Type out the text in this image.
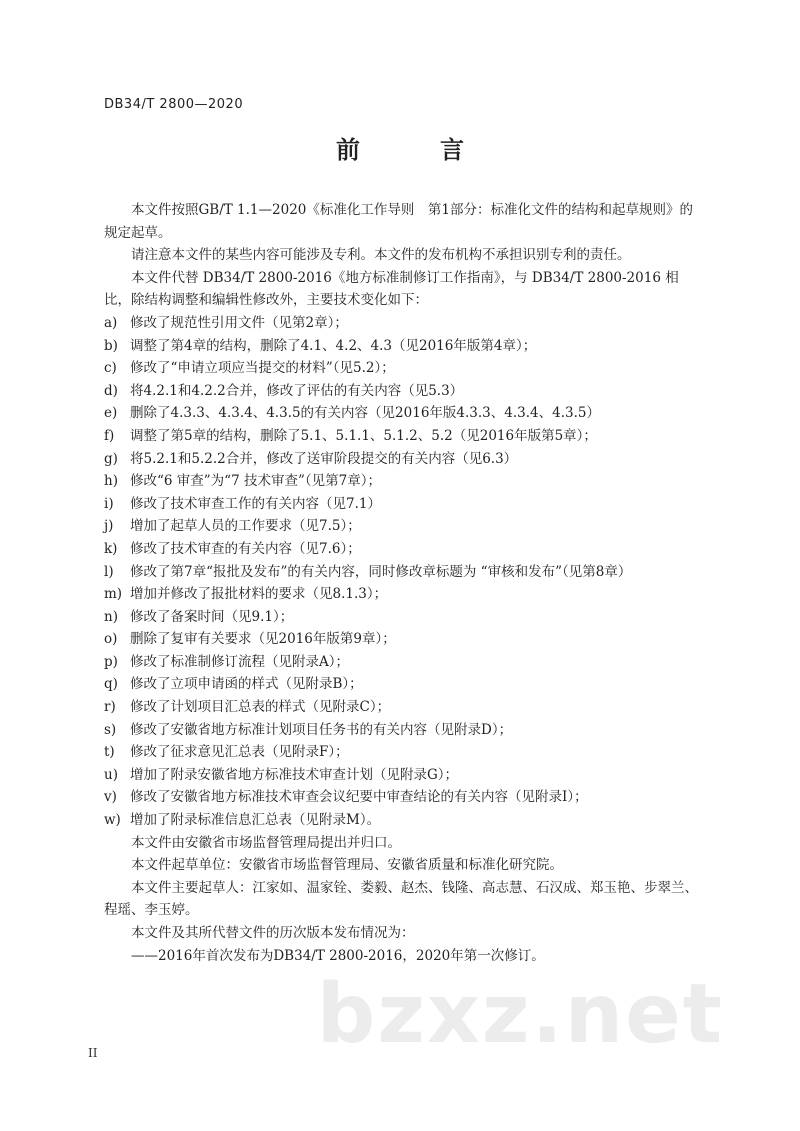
DB34/T 2800—2020
前　言

本文件按照GB/T 1.1—2020《标准化工作导则　第1部分：标准化文件的结构和起草规则》的规定起草。

请注意本文件的某些内容可能涉及专利。本文件的发布机构不承担识别专利的责任。

本文件代替 DB34/T 2800-2016《地方标准制修订工作指南》，与 DB34/T 2800-2016 相比，除结构调整和编辑性修改外，主要技术变化如下：

a) 修改了规范性引用文件（见第2章）；
b) 调整了第4章的结构，删除了4.1、4.2、4.3（见2016年版第4章）；
c) 修改了“申请立项应当提交的材料”（见5.2）；
d) 将4.2.1和4.2.2合并，修改了评估的有关内容（见5.3）
e) 删除了4.3.3、4.3.4、4.3.5的有关内容（见2016年版4.3.3、4.3.4、4.3.5）
f)	调整了第5章的结构，删除了5.1、5.1.1、5.1.2、5.2（见2016年版第5章）；
g) 将5.2.1和5.2.2合并，修改了送审阶段提交的有关内容（见6.3）
h) 修改“6 审查”为“7 技术审查”（见第7章）；
i)	修改了技术审查工作的有关内容（见7.1）
j)	增加了起草人员的工作要求（见7.5）；
k) 修改了技术审查的有关内容（见7.6）；
l)	修改了第7章“报批及发布”的有关内容，同时修改章标题为 “审核和发布”（见第8章）
m) 增加并修改了报批材料的要求（见8.1.3）；
n) 修改了备案时间（见9.1）；
o) 删除了复审有关要求（见2016年版第9章）；
p) 修改了标准制修订流程（见附录A）；
q) 修改了立项申请函的样式（见附录B）；
r)	修改了计划项目汇总表的样式（见附录C）；
s)	修改了安徽省地方标准计划项目任务书的有关内容（见附录D）；
t)	修改了征求意见汇总表（见附录F）；
u) 增加了附录安徽省地方标准技术审查计划（见附录G）；
v) 修改了安徽省地方标准技术审查会议纪要中审查结论的有关内容（见附录I）；
w) 增加了附录标准信息汇总表（见附录M）。

本文件由安徽省市场监督管理局提出并归口。

本文件起草单位：安徽省市场监督管理局、安徽省质量和标准化研究院。

本文件主要起草人：江家如、温家铨、娄毅、赵杰、钱隆、高志慧、石汉成、郑玉艳、步翠兰、程瑶、李玉婷。

本文件及其所代替文件的历次版本发布情况为：

——2016年首次发布为DB34/T 2800-2016，2020年第一次修订。

bzxz.net
II
